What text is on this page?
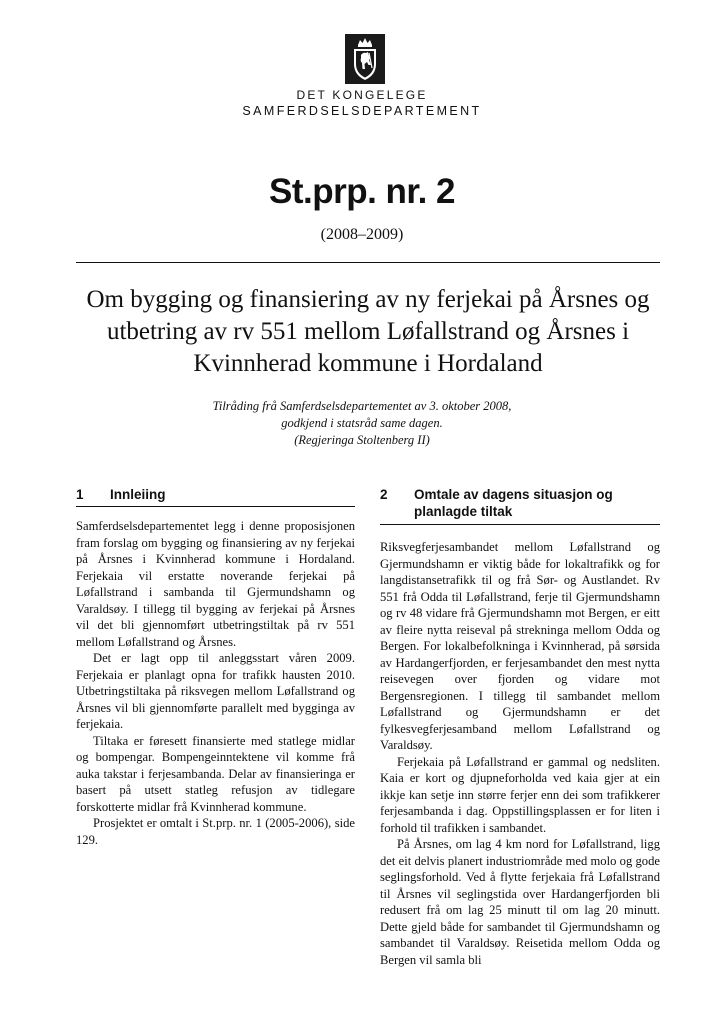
DET KONGELEGE
SAMFERDSELSDEPARTEMENT
St.prp. nr. 2
(2008–2009)
Om bygging og finansiering av ny ferjekai på Årsnes og utbetring av rv 551 mellom Løfallstrand og Årsnes i Kvinnherad kommune i Hordaland
Tilråding frå Samferdselsdepartementet av 3. oktober 2008,
godkjend i statsråd same dagen.
(Regjeringa Stoltenberg II)
1	Innleiing

Samferdselsdepartementet legg i denne proposisjonen fram forslag om bygging og finansiering av ny ferjekai på Årsnes i Kvinnherad kommune i Hordaland. Ferjekaia vil erstatte noverande ferjekai på Løfallstrand i sambanda til Gjermundshamn og Varaldsøy. I tillegg til bygging av ferjekai på Årsnes vil det bli gjennomført utbetringstiltak på rv 551 mellom Løfallstrand og Årsnes.

Det er lagt opp til anleggsstart våren 2009. Ferjekaia er planlagt opna for trafikk hausten 2010. Utbetringstiltaka på riksvegen mellom Løfallstrand og Årsnes vil bli gjennomførte parallelt med bygginga av ferjekaia.

Tiltaka er føresett finansierte med statlege midlar og bompengar. Bompengeinntektene vil komme frå auka takstar i ferjesambanda. Delar av finansieringa er basert på utsett statleg refusjon av tidlegare forskotterte midlar frå Kvinnherad kommune.

Prosjektet er omtalt i St.prp. nr. 1 (2005-2006), side 129.

2	Omtale av dagens situasjon og planlagde tiltak

Riksvegferjesambandet mellom Løfallstrand og Gjermundshamn er viktig både for lokaltrafikk og for langdistansetrafikk til og frå Sør- og Austlandet. Rv 551 frå Odda til Løfallstrand, ferje til Gjermundshamn og rv 48 vidare frå Gjermundshamn mot Bergen, er eitt av fleire nytta reiseval på strekninga mellom Odda og Bergen. For lokalbefolkninga i Kvinnherad, på sørsida av Hardangerfjorden, er ferjesambandet den mest nytta reisevegen over fjorden og vidare mot Bergensregionen. I tillegg til sambandet mellom Løfallstrand og Gjermundshamn er det fylkesvegferjesamband mellom Løfallstrand og Varaldsøy.

Ferjekaia på Løfallstrand er gammal og nedsliten. Kaia er kort og djupneforholda ved kaia gjer at ein ikkje kan setje inn større ferjer enn dei som trafikkerer ferjesambanda i dag. Oppstillingsplassen er for liten i forhold til trafikken i sambandet.

På Årsnes, om lag 4 km nord for Løfallstrand, ligg det eit delvis planert industriområde med molo og gode seglingsforhold. Ved å flytte ferjekaia frå Løfallstrand til Årsnes vil seglingstida over Hardangerfjorden bli redusert frå om lag 25 minutt til om lag 20 minutt. Dette gjeld både for sambandet til Gjermundshamn og sambandet til Varaldsøy. Reisetida mellom Odda og Bergen vil samla bli
